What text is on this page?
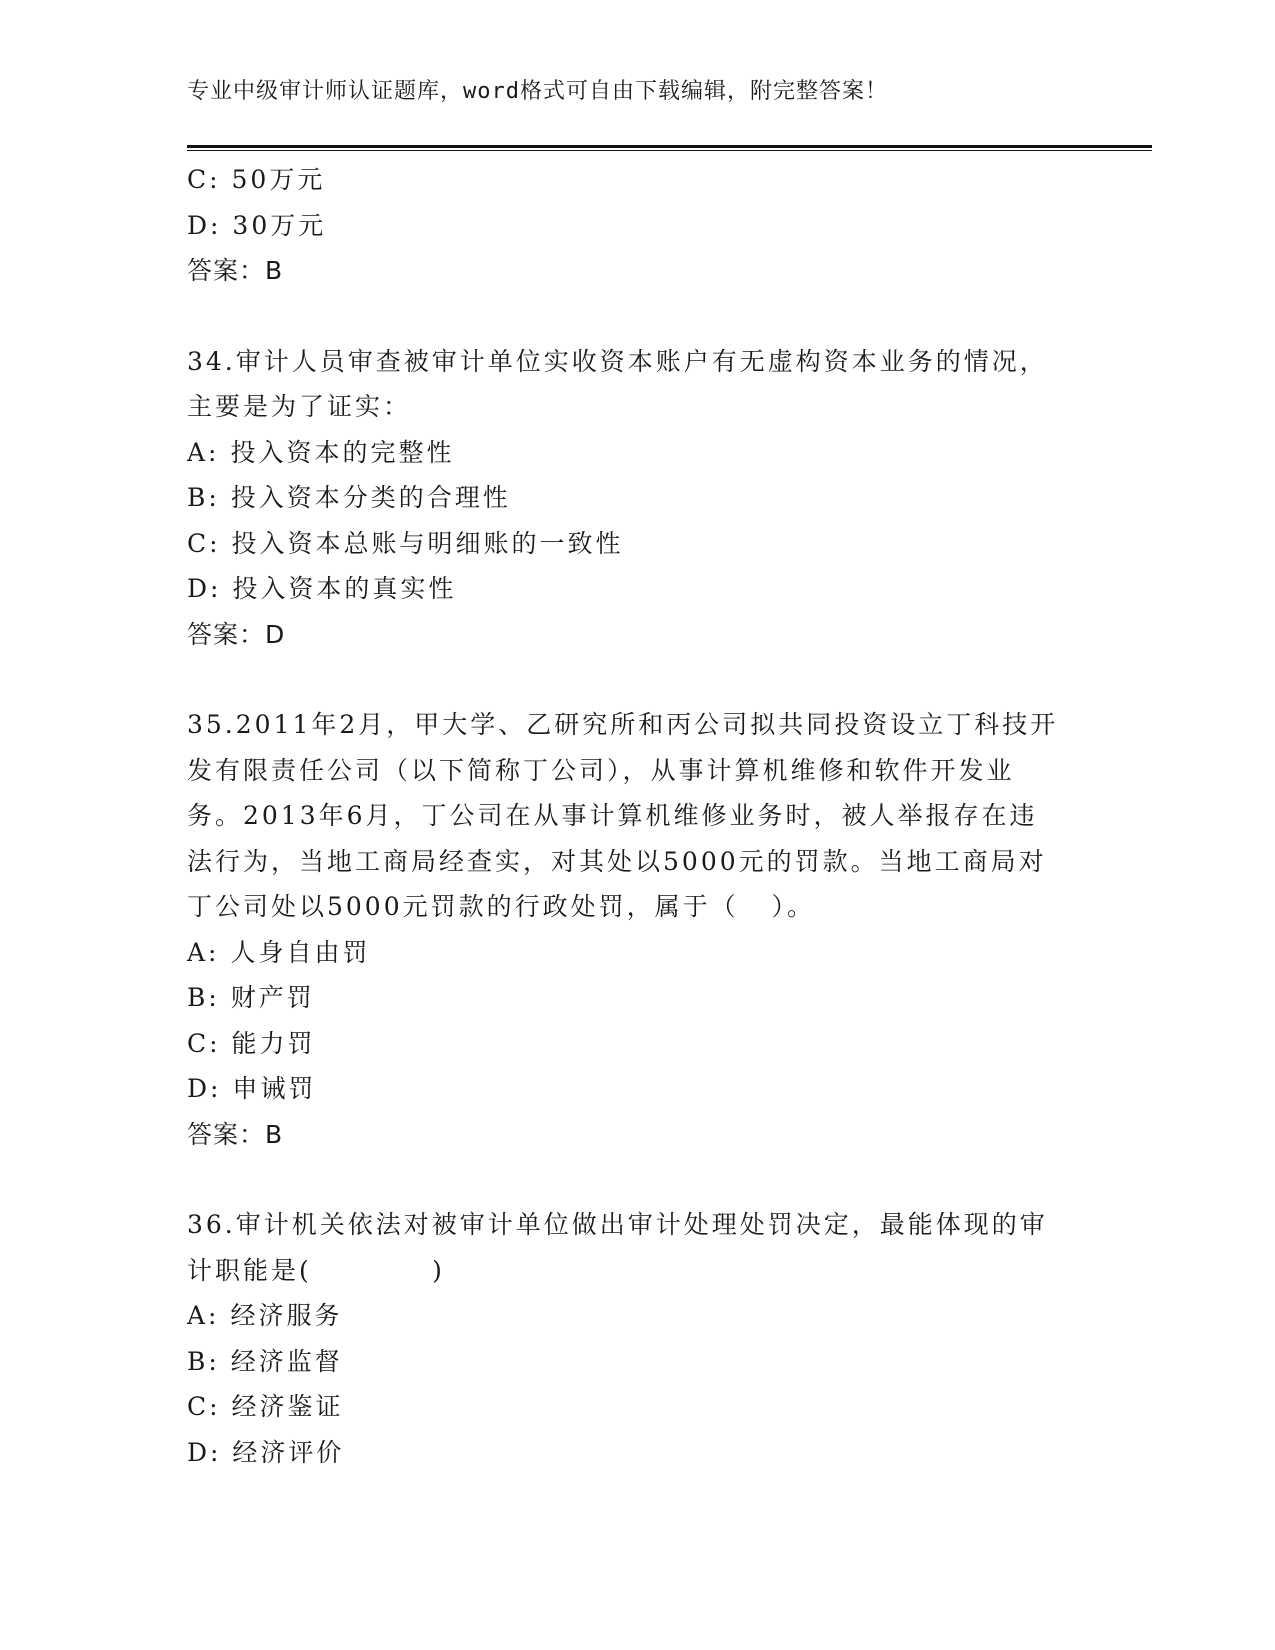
专业中级审计师认证题库，word格式可自由下载编辑，附完整答案！

C: 50万元

D: 30万元

答案：B

34.审计人员审查被审计单位实收资本账户有无虚构资本业务的情况，

主要是为了证实：

A: 投入资本的完整性

B: 投入资本分类的合理性

C: 投入资本总账与明细账的一致性

D: 投入资本的真实性

答案：D

35.2011年2月，甲大学、乙研究所和丙公司拟共同投资设立丁科技开

发有限责任公司（以下简称丁公司），从事计算机维修和软件开发业

务。2013年6月，丁公司在从事计算机维修业务时，被人举报存在违

法行为，当地工商局经查实，对其处以5000元的罚款。当地工商局对

丁公司处以5000元罚款的行政处罚，属于（   ）。

A: 人身自由罚

B: 财产罚

C: 能力罚

D: 申诫罚

答案：B

36.审计机关依法对被审计单位做出审计处理处罚决定，最能体现的审

计职能是(           )

A: 经济服务

B: 经济监督

C: 经济鉴证

D: 经济评价
